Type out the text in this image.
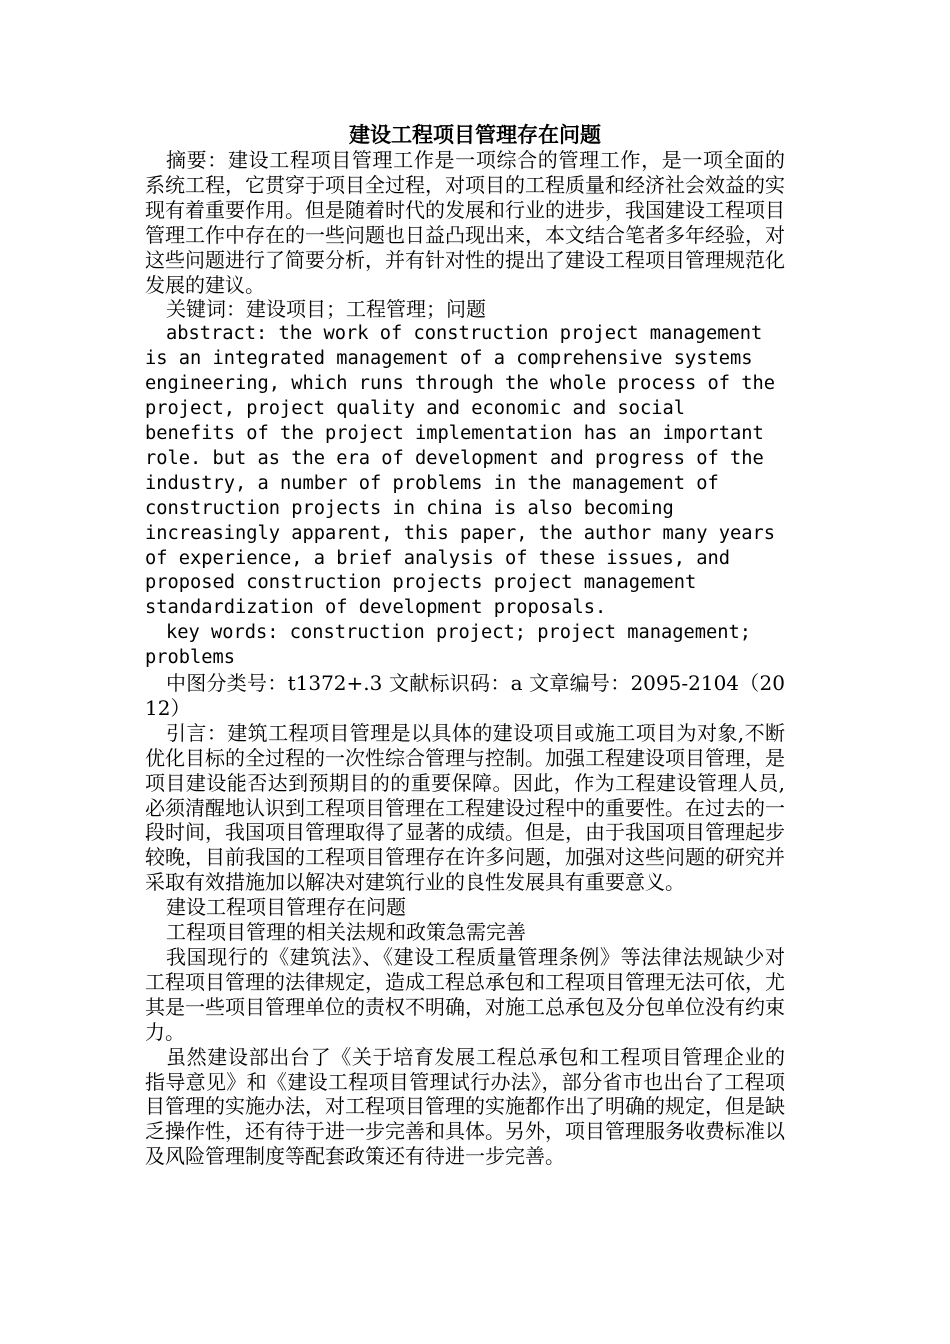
建设工程项目管理存在问题

摘要：建设工程项目管理工作是一项综合的管理工作，是一项全面的系统工程，它贯穿于项目全过程，对项目的工程质量和经济社会效益的实现有着重要作用。但是随着时代的发展和行业的进步，我国建设工程项目管理工作中存在的一些问题也日益凸现出来，本文结合笔者多年经验，对这些问题进行了简要分析，并有针对性的提出了建设工程项目管理规范化发展的建议。

关键词：建设项目；工程管理；问题

abstract: the work of construction project management is an integrated management of a comprehensive systems engineering, which runs through the whole process of the project, project quality and economic and social benefits of the project implementation has an important role. but as the era of development and progress of the industry, a number of problems in the management of construction projects in china is also becoming increasingly apparent, this paper, the author many years of experience, a brief analysis of these issues, and proposed construction projects project management standardization of development proposals.

key words: construction project; project management; problems

中图分类号：t1372+.3 文献标识码：a 文章编号：2095-2104（2012）

引言：建筑工程项目管理是以具体的建设项目或施工项目为对象,不断优化目标的全过程的一次性综合管理与控制。加强工程建设项目管理，是项目建设能否达到预期目的的重要保障。因此，作为工程建设管理人员,必须清醒地认识到工程项目管理在工程建设过程中的重要性。在过去的一段时间，我国项目管理取得了显著的成绩。但是，由于我国项目管理起步较晚，目前我国的工程项目管理存在许多问题，加强对这些问题的研究并采取有效措施加以解决对建筑行业的良性发展具有重要意义。

建设工程项目管理存在问题

工程项目管理的相关法规和政策急需完善

我国现行的《建筑法》、《建设工程质量管理条例》等法律法规缺少对工程项目管理的法律规定，造成工程总承包和工程项目管理无法可依，尤其是一些项目管理单位的责权不明确，对施工总承包及分包单位没有约束力。

虽然建设部出台了《关于培育发展工程总承包和工程项目管理企业的指导意见》和《建设工程项目管理试行办法》，部分省市也出台了工程项目管理的实施办法，对工程项目管理的实施都作出了明确的规定，但是缺乏操作性，还有待于进一步完善和具体。另外，项目管理服务收费标准以及风险管理制度等配套政策还有待进一步完善。
